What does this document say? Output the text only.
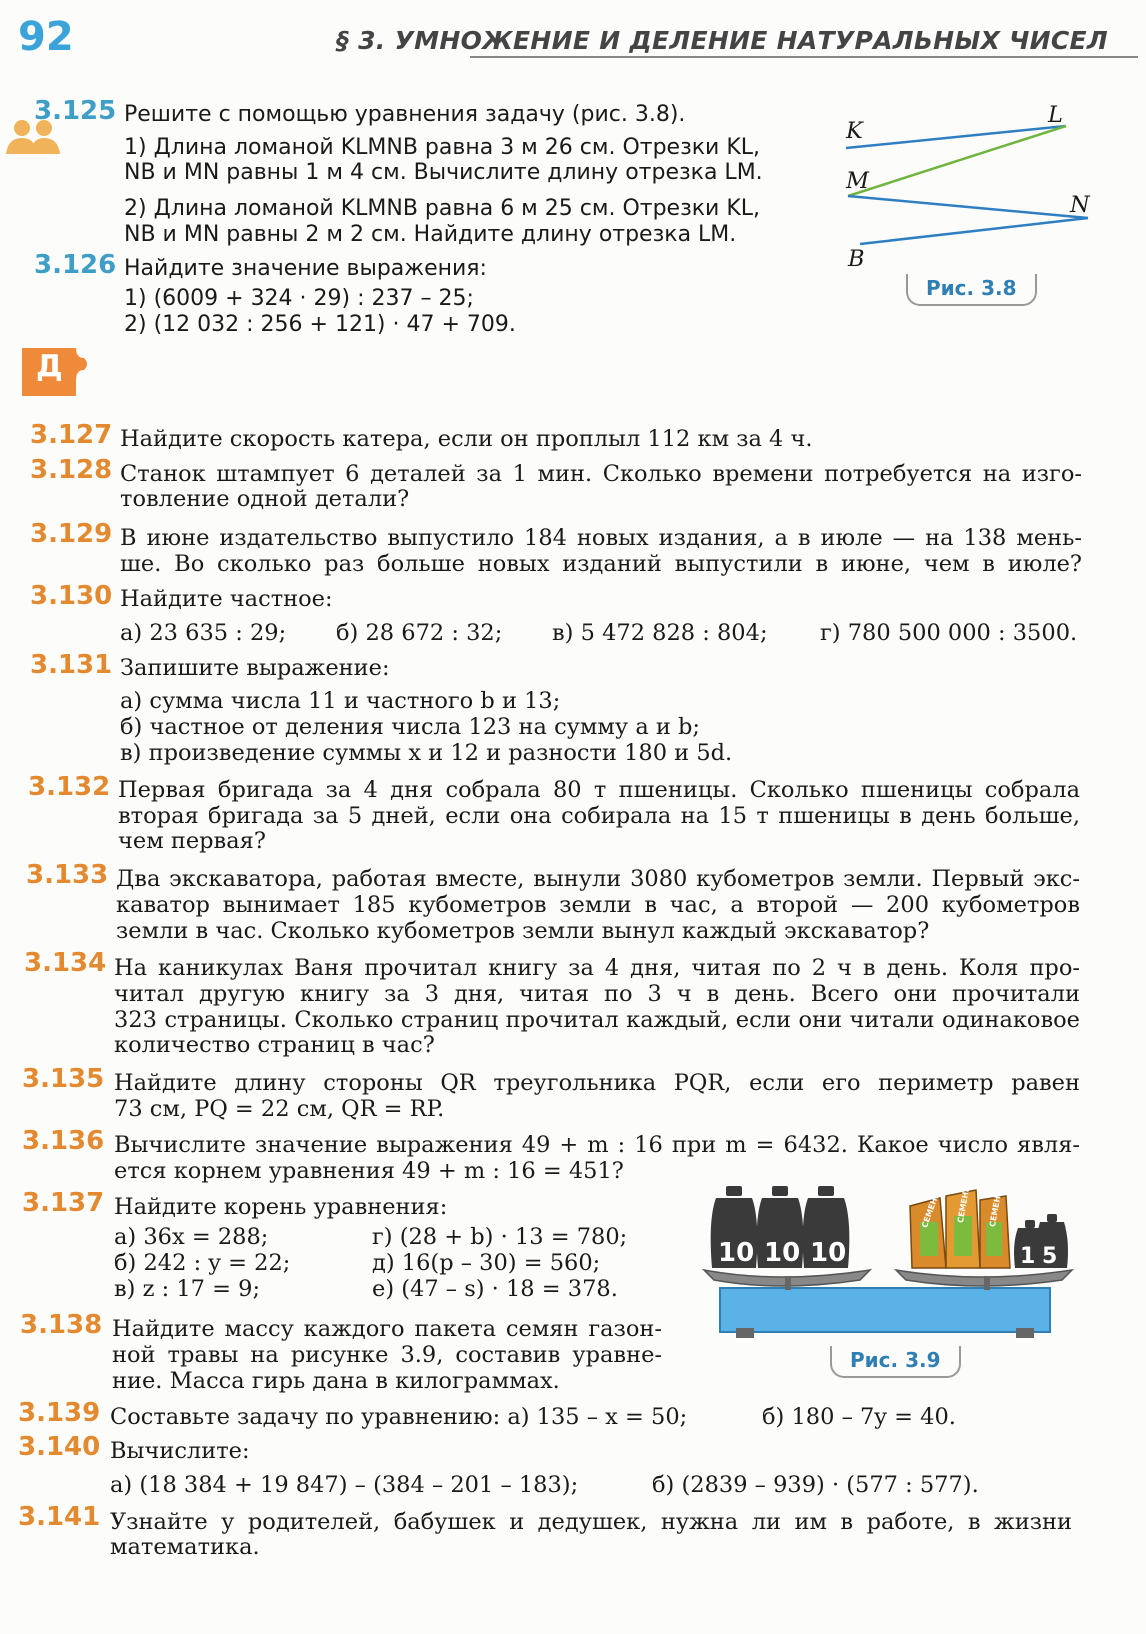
92	§ 3. УМНОЖЕНИЕ И ДЕЛЕНИЕ НАТУРАЛЬНЫХ ЧИСЕЛ
3.125 Решите с помощью уравнения задачу (рис. 3.8).
1) Длина ломаной KLMNB равна 3 м 26 см. Отрезки KL,
NB и MN равны 1 м 4 см. Вычислите длину отрезка LM.
2) Длина ломаной KLMNB равна 6 м 25 см. Отрезки KL,
NB и MN равны 2 м 2 см. Найдите длину отрезка LM.
3.126 Найдите значение выражения:
1) (6009 + 324 · 29) : 237 – 25;
2) (12 032 : 256 + 121) · 47 + 709.
K
L
M
N
B
Рис. 3.8
Д
3.127 Найдите скорость катера, если он проплыл 112 км за 4 ч.
3.128 Станок штампует 6 деталей за 1 мин. Сколько времени потребуется на изго-
товление одной детали?
3.129 В июне издательство выпустило 184 новых издания, а в июле — на 138 мень-
ше. Во сколько раз больше новых изданий выпустили в июне, чем в июле?
3.130 Найдите частное:
а) 23 635 : 29; б) 28 672 : 32; в) 5 472 828 : 804; г) 780 500 000 : 3500.
3.131 Запишите выражение:
а) сумма числа 11 и частного b и 13;
б) частное от деления числа 123 на сумму a и b;
в) произведение суммы x и 12 и разности 180 и 5d.
3.132 Первая бригада за 4 дня собрала 80 т пшеницы. Сколько пшеницы собрала
вторая бригада за 5 дней, если она собирала на 15 т пшеницы в день больше,
чем первая?
3.133 Два экскаватора, работая вместе, вынули 3080 кубометров земли. Первый экс-
каватор вынимает 185 кубометров земли в час, а второй — 200 кубометров
земли в час. Сколько кубометров земли вынул каждый экскаватор?
3.134 На каникулах Ваня прочитал книгу за 4 дня, читая по 2 ч в день. Коля про-
читал другую книгу за 3 дня, читая по 3 ч в день. Всего они прочитали
323 страницы. Сколько страниц прочитал каждый, если они читали одинаковое
количество страниц в час?
3.135 Найдите длину стороны QR треугольника PQR, если его периметр равен
73 см, PQ = 22 см, QR = RP.
3.136 Вычислите значение выражения 49 + m : 16 при m = 6432. Какое число явля-
ется корнем уравнения 49 + m : 16 = 451?
3.137 Найдите корень уравнения:
а) 36x = 288;
б) 242 : y = 22;
в) z : 17 = 9;
г) (28 + b) · 13 = 780;
д) 16(p – 30) = 560;
е) (47 – s) · 18 = 378.
10 10 10	1 5
СЕМЕНА СЕМЕНА СЕМЕНА
Рис. 3.9
3.138 Найдите массу каждого пакета семян газон-
ной травы на рисунке 3.9, составив уравне-
ние. Масса гирь дана в килограммах.
3.139 Составьте задачу по уравнению: а) 135 – x = 50;	б) 180 – 7y = 40.
3.140 Вычислите:
а) (18 384 + 19 847) – (384 – 201 – 183);	б) (2839 – 939) · (577 : 577).
3.141 Узнайте у родителей, бабушек и дедушек, нужна ли им в работе, в жизни
математика.
